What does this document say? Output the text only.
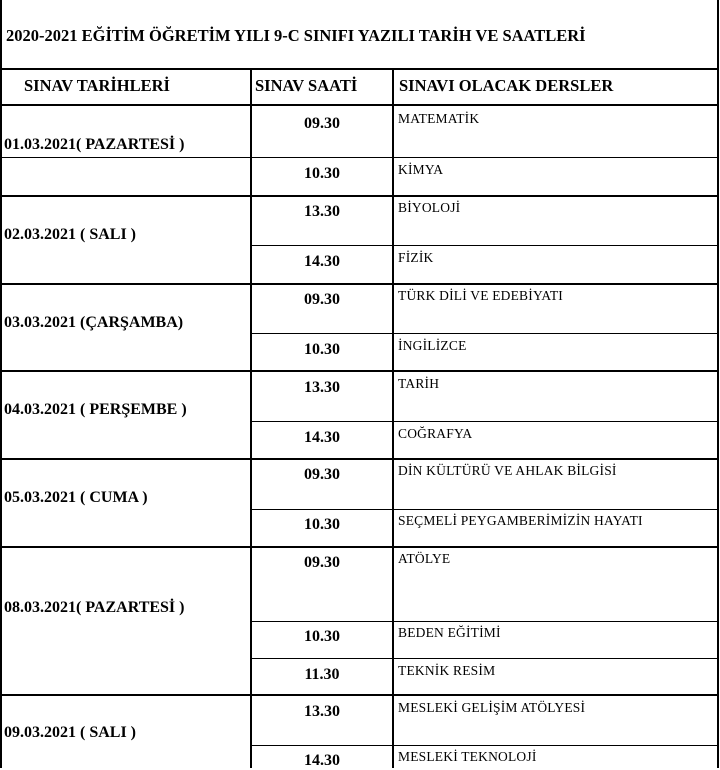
2020-2021 EĞİTİM ÖĞRETİM YILI 9-C SINIFI YAZILI TARİH VE SAATLERİ
SINAV TARİHLERİ	SINAV SAATİ	SINAVI OLACAK DERSLER
01.03.2021( PAZARTESİ )
02.03.2021 ( SALI )
03.03.2021 (ÇARŞAMBA)
04.03.2021 ( PERŞEMBE )
05.03.2021 ( CUMA )
08.03.2021( PAZARTESİ )
09.03.2021 ( SALI )
09.30
10.30
13.30
14.30
09.30
10.30
13.30
14.30
09.30
10.30
09.30
10.30
11.30
13.30
14.30
MATEMATİK
KİMYA
BİYOLOJİ
FİZİK
TÜRK DİLİ VE EDEBİYATI
İNGİLİZCE
TARİH
COĞRAFYA
DİN KÜLTÜRÜ VE AHLAK BİLGİSİ
SEÇMELİ PEYGAMBERİMİZİN HAYATI
ATÖLYE
BEDEN EĞİTİMİ
TEKNİK RESİM
MESLEKİ GELİŞİM ATÖLYESİ
MESLEKİ TEKNOLOJİ
